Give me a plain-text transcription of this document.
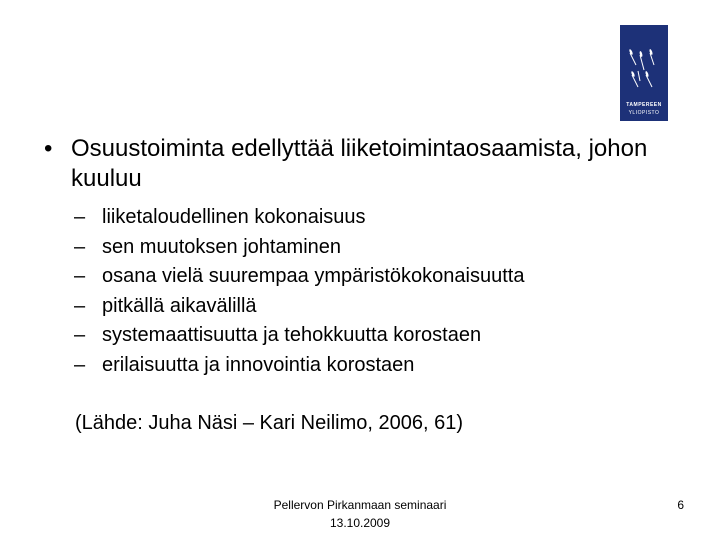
TAMPEREEN
YLIOPISTO
• Osuustoiminta edellyttää liiketoimintaosaamista, johon kuuluu
– liiketaloudellinen kokonaisuus
– sen muutoksen johtaminen
– osana vielä suurempaa ympäristökokonaisuutta
– pitkällä aikavälillä
– systemaattisuutta ja tehokkuutta korostaen
– erilaisuutta ja innovointia korostaen
(Lähde: Juha Näsi – Kari Neilimo, 2006, 61)
Pellervon Pirkanmaan seminaari
13.10.2009
6
